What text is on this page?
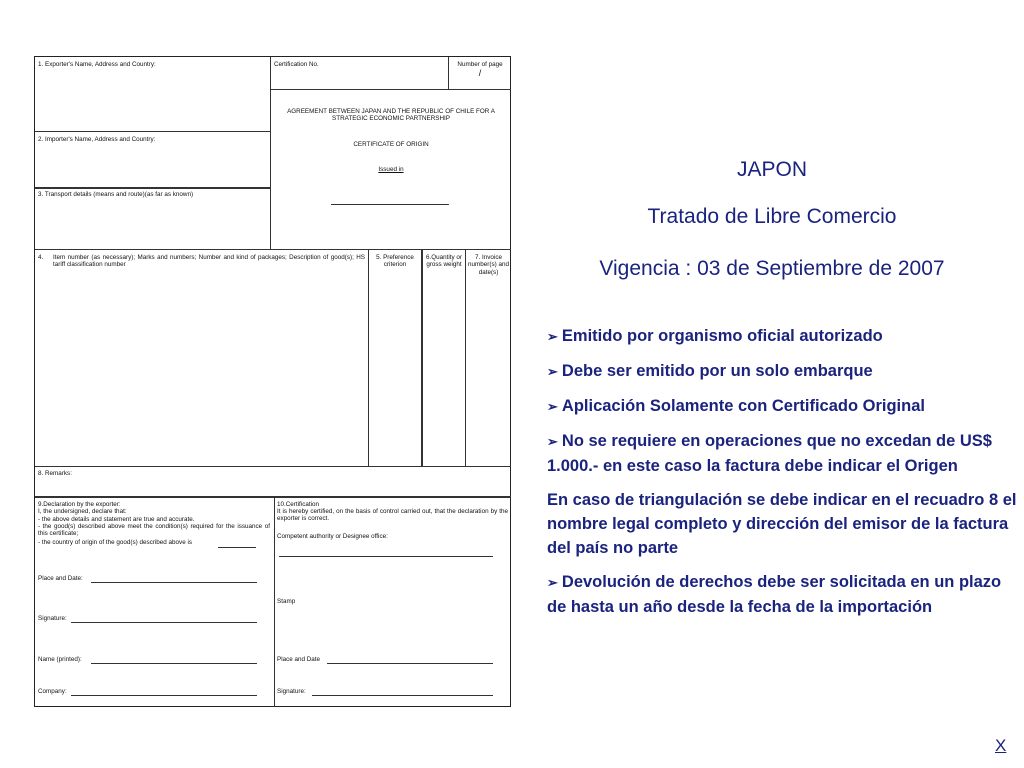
1. Exporter's Name, Address and Country:	Certification No.	Number of page
/
AGREEMENT BETWEEN JAPAN AND THE REPUBLIC OF CHILE FOR A STRATEGIC ECONOMIC PARTNERSHIP
CERTIFICATE OF ORIGIN
Issued in
2. Importer's Name, Address and Country:
3. Transport details (means and route)(as far as known)
4. Item number (as necessary); Marks and numbers; Number and kind of packages; Description of good(s); HS tariff classification number
5. Preference criterion
6.Quantity or gross weight
7. Invoice number(s) and date(s)
8. Remarks:
9.Declaration by the exporter:
I, the undersigned, declare that:
- the above details and statement are true and accurate.
- the good(s) described above meet the condition(s) required for the issuance of this certificate;
- the country of origin of the good(s) described above is
Place and Date:
Signature:
Name (printed):
Company:
10.Certification
It is hereby certified, on the basis of control carried out, that the declaration by the exporter is correct.
Competent authority or Designee office:
Stamp
Place and Date
Signature:
JAPON
Tratado de Libre Comercio
Vigencia : 03 de Septiembre de 2007

➢ Emitido por organismo oficial autorizado

➢ Debe ser emitido por un solo embarque

➢ Aplicación Solamente con Certificado Original

➢ No se requiere en operaciones que no excedan de US$ 1.000.- en este caso la factura debe indicar el Origen

En caso de triangulación se debe indicar en el recuadro 8 el nombre legal completo y dirección del emisor de la factura del país no parte

➢ Devolución de derechos debe ser solicitada en un plazo de hasta un año desde la fecha de la importación

X
